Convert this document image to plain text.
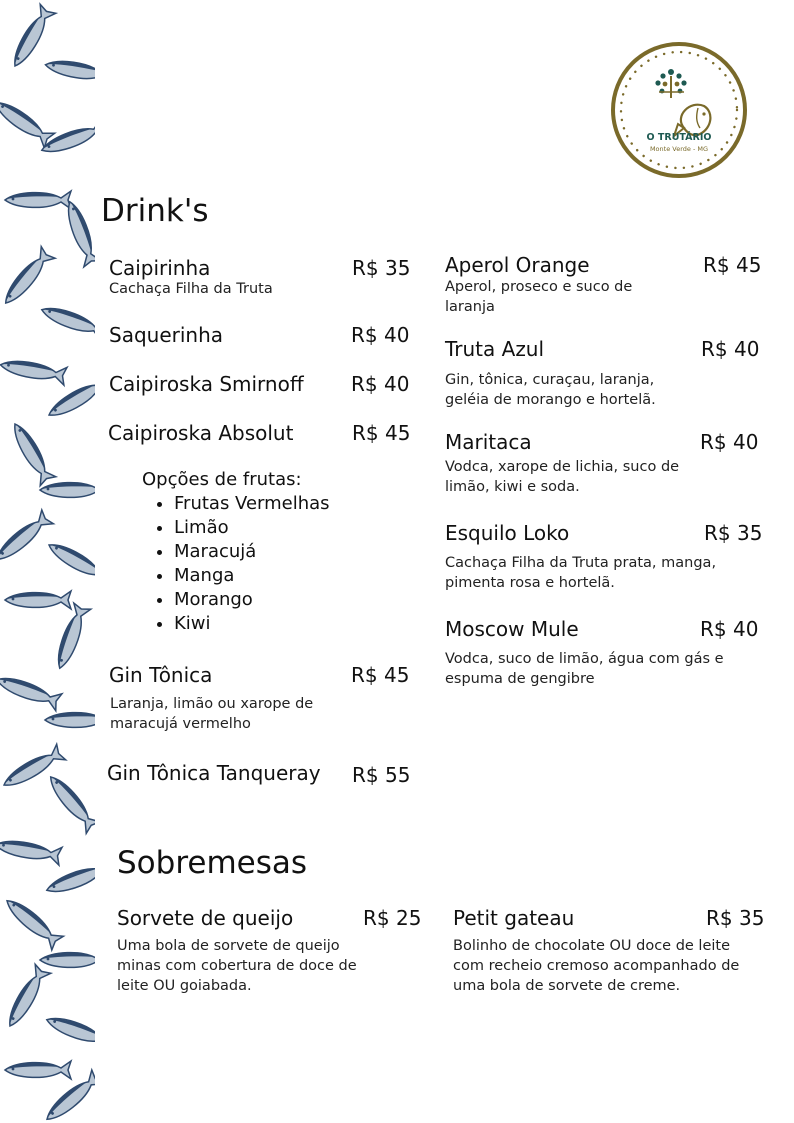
O TRUTÁRIO
Monte Verde - MG
Drink's
Caipirinha	R$ 35
Cachaça Filha da Truta
Saquerinha	R$ 40
Caipiroska Smirnoff R$ 40
Caipiroska Absolut	R$ 45
Opções de frutas:
• Frutas Vermelhas
• Limão
• Maracujá
• Manga
• Morango
• Kiwi
Gin Tônica	R$ 45
Laranja, limão ou xarope de maracujá vermelho
Gin Tônica Tanqueray R$ 55
Aperol Orange	R$ 45
Aperol, proseco e suco de laranja
Truta Azul	R$ 40
Gin, tônica, curaçau, laranja, geléia de morango e hortelã.
Maritaca	R$ 40
Vodca, xarope de lichia, suco de limão, kiwi e soda.
Esquilo Loko	R$ 35
Cachaça Filha da Truta prata, manga, pimenta rosa e hortelã.
Moscow Mule	R$ 40
Vodca, suco de limão, água com gás e espuma de gengibre
Sobremesas
Sorvete de queijo	R$ 25
Uma bola de sorvete de queijo minas com cobertura de doce de leite OU goiabada.
Petit gateau	R$ 35
Bolinho de chocolate OU doce de leite com recheio cremoso acompanhado de uma bola de sorvete de creme.
